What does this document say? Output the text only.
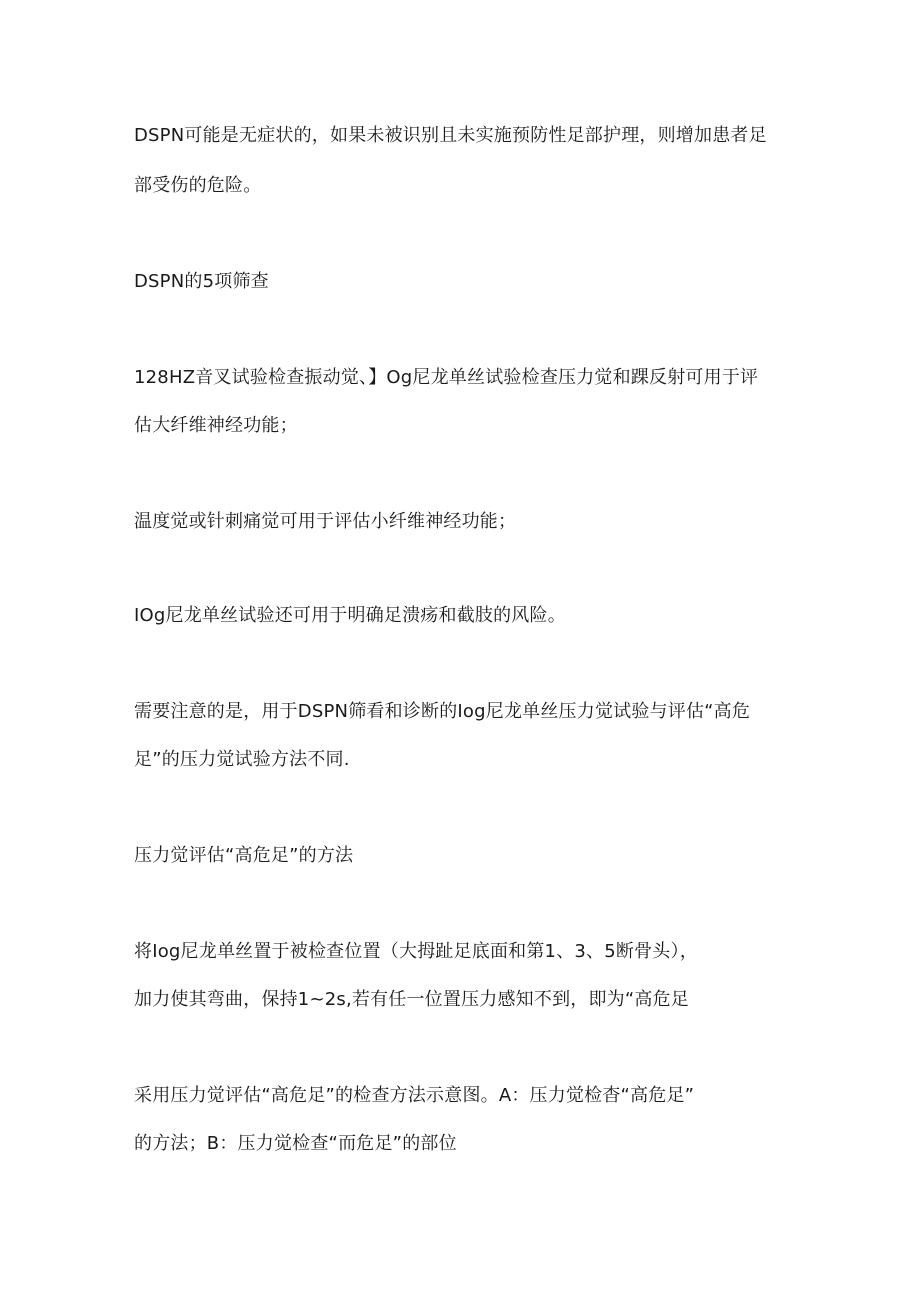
DSPN可能是无症状的，如果未被识别且未实施预防性足部护理，则增加患者足
部受伤的危险。
DSPN的5项筛查
128HZ音叉试验检查振动觉、】Og尼龙单丝试验检查压力觉和踝反射可用于评
估大纤维神经功能；
温度觉或针刺痛觉可用于评估小纤维神经功能；
IOg尼龙单丝试验还可用于明确足溃疡和截肢的风险。
需要注意的是，用于DSPN筛看和诊断的Iog尼龙单丝压力觉试验与评估“高危
足”的压力觉试验方法不同.
压力觉评估“高危足”的方法
将Iog尼龙单丝置于被检查位置（大拇趾足底面和第1、3、5断骨头），
加力使其弯曲，保持1~2s,若有任一位置压力感知不到，即为“高危足
采用压力觉评估“高危足”的检查方法示意图。A：压力觉检杳“高危足”
的方法；B：压力觉检查“而危足”的部位
